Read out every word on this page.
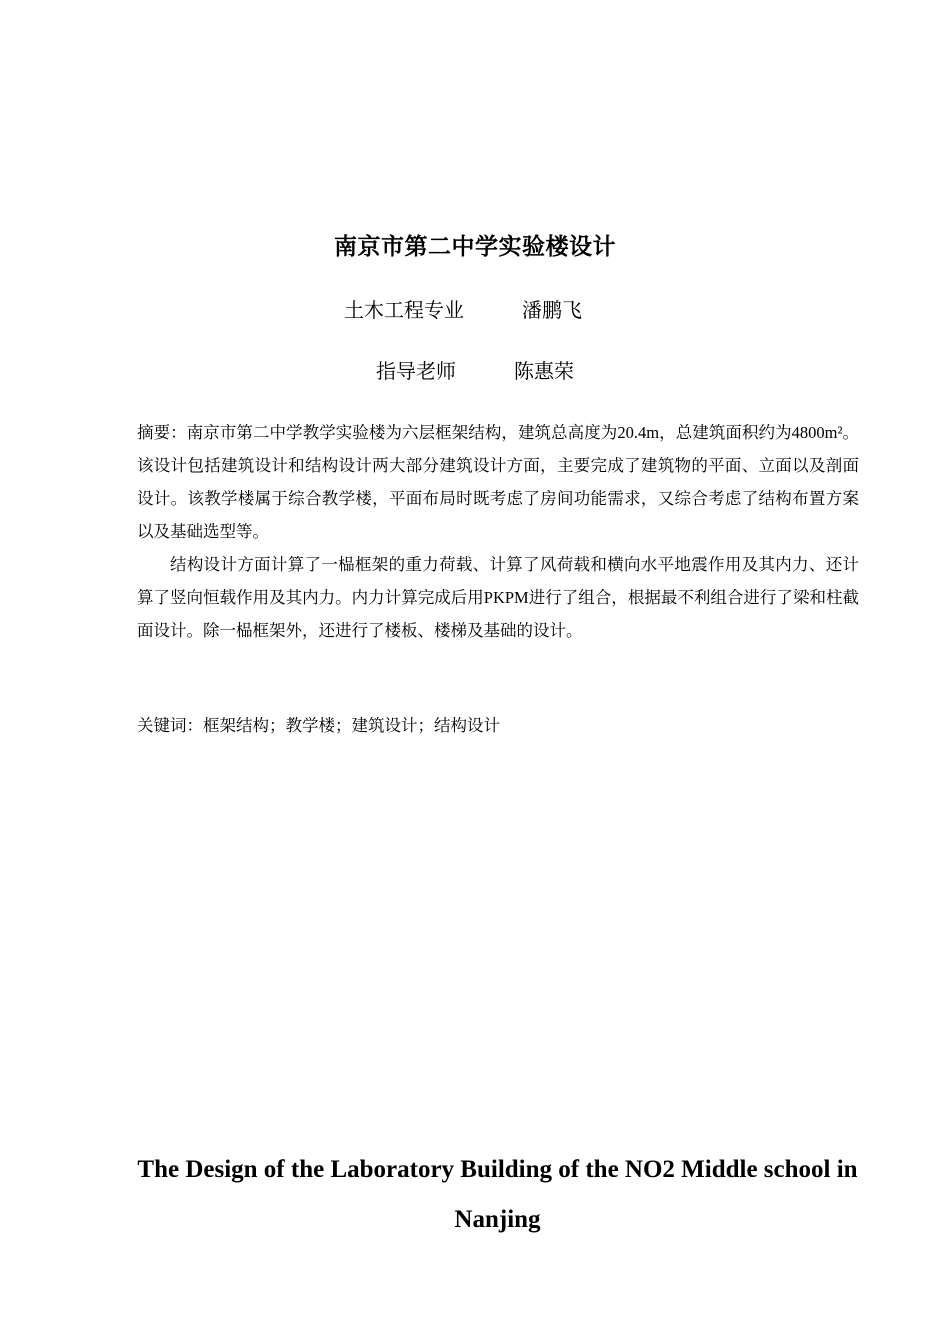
南京市第二中学实验楼设计
土木工程专业	潘鹏飞
指导老师	陈惠荣

摘要：南京市第二中学教学实验楼为六层框架结构，建筑总高度为20.4m，总建筑面积约为4800m²。该设计包括建筑设计和结构设计两大部分建筑设计方面，主要完成了建筑物的平面、立面以及剖面设计。该教学楼属于综合教学楼，平面布局时既考虑了房间功能需求，又综合考虑了结构布置方案以及基础选型等。

结构设计方面计算了一榀框架的重力荷载、计算了风荷载和横向水平地震作用及其内力、还计算了竖向恒载作用及其内力。内力计算完成后用PKPM进行了组合，根据最不利组合进行了梁和柱截面设计。除一榀框架外，还进行了楼板、楼梯及基础的设计。

关键词：框架结构；教学楼；建筑设计；结构设计
The Design of the Laboratory Building of the NO2 Middle school in Nanjing
